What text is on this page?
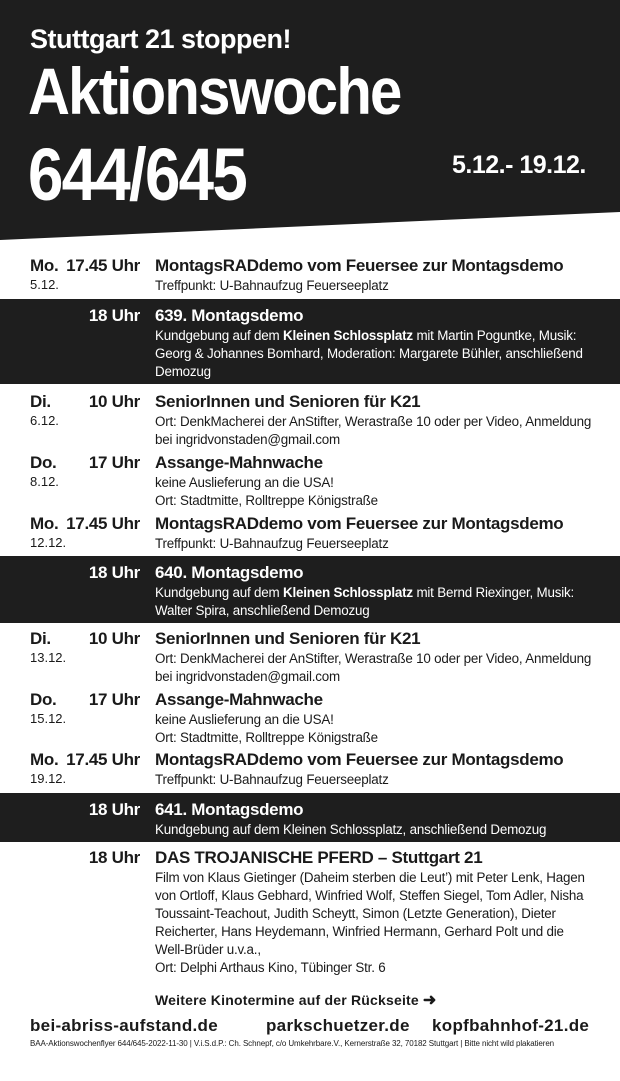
Stuttgart 21 stoppen!
Aktionswoche
644/645	5.12.- 19.12.
Mo. 17.45 Uhr
5.12.
MontagsRADdemo vom Feuersee zur Montagsdemo
Treffpunkt: U-Bahnaufzug Feuerseeplatz
18 Uhr 639. Montagsdemo
Kundgebung auf dem Kleinen Schlossplatz mit Martin Poguntke, Musik: Georg & Johannes Bomhard, Moderation: Margarete Bühler, anschließend Demozug
Di.	10 Uhr
6.12.
SeniorInnen und Senioren für K21
Ort: DenkMacherei der AnStifter, Werastraße 10 oder per Video, Anmeldung bei ingridvonstaden@gmail.com
Do.	17 Uhr
8.12.
Assange-Mahnwache
keine Auslieferung an die USA!
Ort: Stadtmitte, Rolltreppe Königstraße
Mo. 17.45 Uhr
12.12.
MontagsRADdemo vom Feuersee zur Montagsdemo
Treffpunkt: U-Bahnaufzug Feuerseeplatz
18 Uhr 640. Montagsdemo
Kundgebung auf dem Kleinen Schlossplatz mit Bernd Riexinger, Musik: Walter Spira, anschließend Demozug
Di.	10 Uhr
13.12.
SeniorInnen und Senioren für K21
Ort: DenkMacherei der AnStifter, Werastraße 10 oder per Video, Anmeldung bei ingridvonstaden@gmail.com
Do.	17 Uhr
15.12.
Assange-Mahnwache
keine Auslieferung an die USA!
Ort: Stadtmitte, Rolltreppe Königstraße
Mo. 17.45 Uhr
19.12.
MontagsRADdemo vom Feuersee zur Montagsdemo
Treffpunkt: U-Bahnaufzug Feuerseeplatz
18 Uhr 641. Montagsdemo
Kundgebung auf dem Kleinen Schlossplatz, anschließend Demozug
18 Uhr DAS TROJANISCHE PFERD – Stuttgart 21
Film von Klaus Gietinger (Daheim sterben die Leut’) mit Peter Lenk, Hagen von Ortloff, Klaus Gebhard, Winfried Wolf, Steffen Siegel, Tom Adler, Nisha Toussaint-Teachout, Judith Scheytt, Simon (Letzte Generation), Dieter Reicherter, Hans Heydemann, Winfried Hermann, Gerhard Polt und die Well-Brüder u.v.a.,
Ort: Delphi Arthaus Kino, Tübinger Str. 6
Weitere Kinotermine auf der Rückseite ➜
bei-abriss-aufstand.de	parkschuetzer.de kopfbahnhof-21.de
BAA-Aktionswochenflyer 644/645-2022-11-30 | V.i.S.d.P.: Ch. Schnepf, c/o Umkehrbare.V., Kernerstraße 32, 70182 Stuttgart | Bitte nicht wild plakatieren
